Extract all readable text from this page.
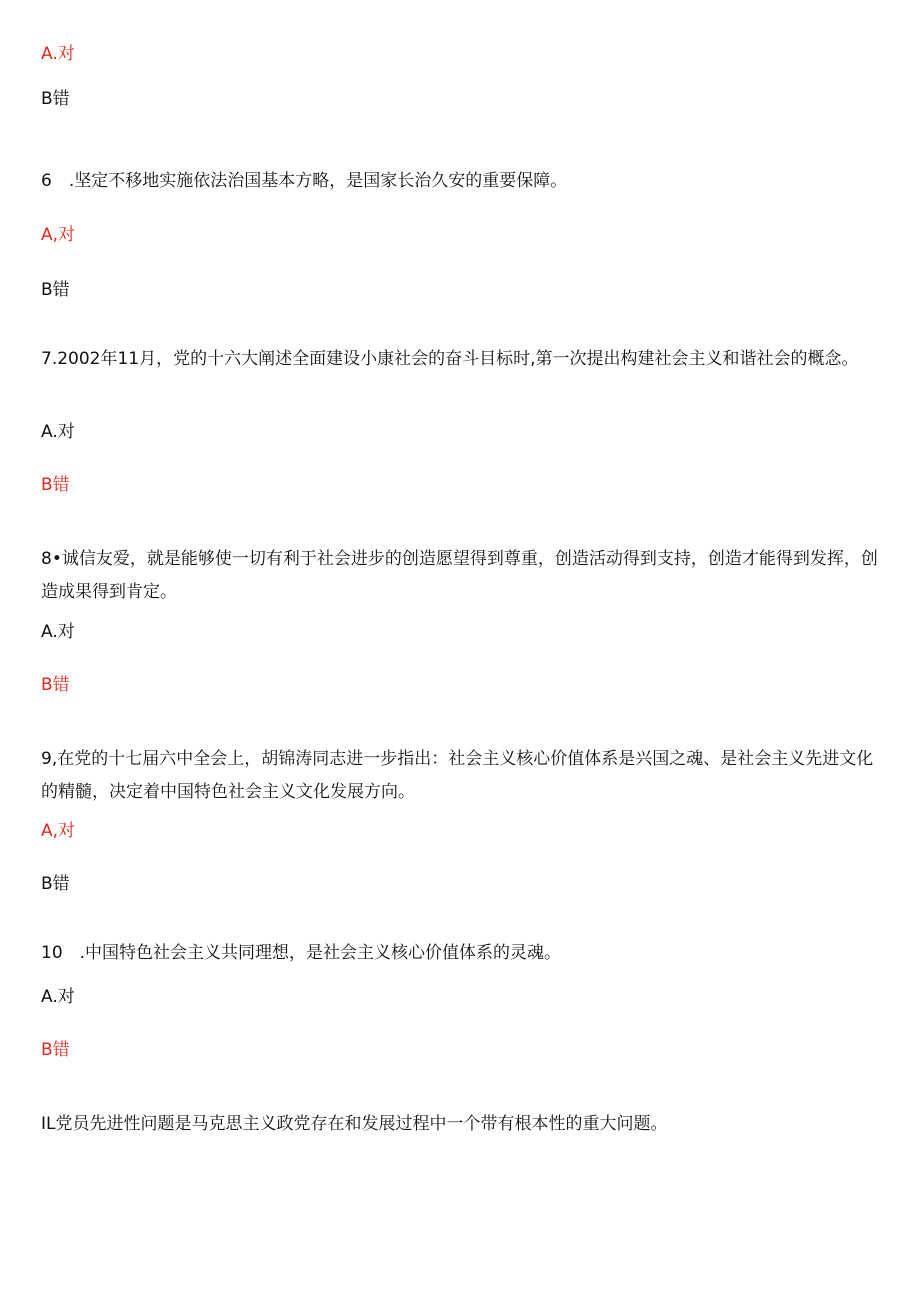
A.对
B错
6　.坚定不移地实施依法治国基本方略，是国家长治久安的重要保障。
A,对
B错
7.2002年11月，党的十六大阐述全面建设小康社会的奋斗目标时,第一次提出构建社会主义和谐社会的概念。
A.对
B错
8•诚信友爱，就是能够使一切有利于社会进步的创造愿望得到尊重，创造活动得到支持，创造才能得到发挥，创造成果得到肯定。
A.对
B错
9,在党的十七届六中全会上，胡锦涛同志进一步指出：社会主义核心价值体系是兴国之魂、是社会主义先进文化的精髓，决定着中国特色社会主义文化发展方向。
A,对
B错
10　.中国特色社会主义共同理想，是社会主义核心价值体系的灵魂。
A.对
B错
IL党员先进性问题是马克思主义政党存在和发展过程中一个带有根本性的重大问题。
